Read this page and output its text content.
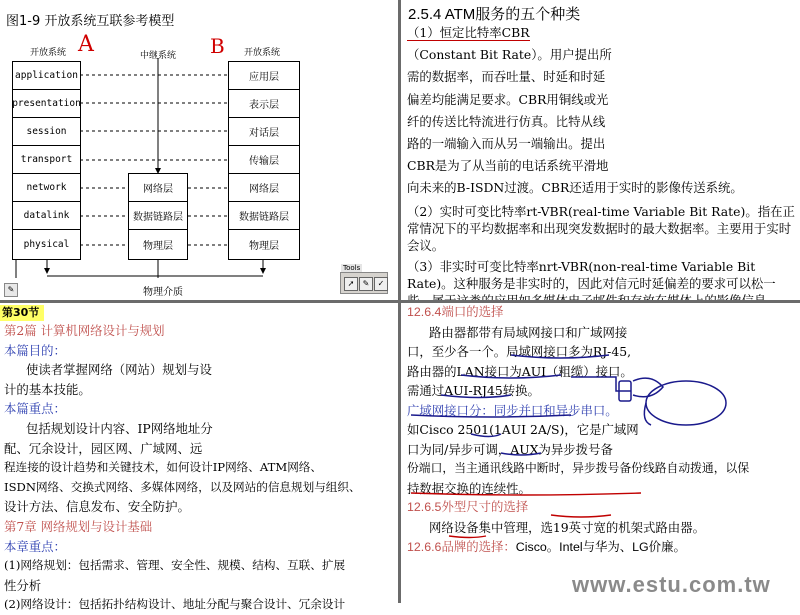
图1-9 开放系统互联参考模型
开放系统	中继系统	开放系统
A	B
application
presentation
session
transport
network
datalink
physical
网络层
数据链路层
物理层
应用层
表示层
对话层
传输层
网络层
数据链路层
物理层
物理介质
✎
Tools
➚	✎	✓
2.5.4 ATM服务的五个种类

（1）恒定比特率CBR

（Constant Bit Rate）。用户提出所

需的数据率，而吞吐量、时延和时延

偏差均能满足要求。CBR用铜线或光

纤的传送比特流进行仿真。比特从线

路的一端输入而从另一端输出。提出

CBR是为了从当前的电话系统平滑地

向未来的B-ISDN过渡。CBR还适用于实时的影像传送系统。

（2）实时可变比特率rt-VBR(real-time Variable Bit Rate)。指在正常情况下的平均数据率和出现突发数据时的最大数据率。主要用于实时会议。

（3）非实时可变比特率nrt-VBR(non-real-time Variable Bit Rate)。这种服务是非实时的，因此对信元时延偏差的要求可以松一

第30节

第2篇 计算机网络设计与规划

本篇目的：

使读者掌握网络（网站）规划与设

计的基本技能。

本篇重点：

包括规划设计内容、IP网络地址分

配、冗余设计，园区网、广域网、远

程连接的设计趋势和关键技术，如何设计IP网络、ATM网络、

ISDN网络、交换式网络、多媒体网络，以及网站的信息规划与组织、

设计方法、信息发布、安全防护。

第7章 网络规划与设计基础

本章重点：

(1)网络规划：包括需求、管理、安全性、规模、结构、互联、扩展

性分析

(2)网络设计：包括拓扑结构设计、地址分配与聚合设计、冗余设计

12.6.4端口的选择

路由器都带有局域网接口和广域网接

口，至少各一个。局域网接口多为RJ-45,

路由器的LAN接口为AUI（粗缆）接口。

需通过AUI-RJ45转换。

广域网接口分：同步并口和异步串口。

如Cisco 2501(1AUI 2A/S)，它是广域网

口为同/异步可调，AUX为异步拨号备

份端口，当主通讯线路中断时，异步拨号备份线路自动拨通，以保

持数据交换的连续性。

12.6.5外型尺寸的选择

网络设备集中管理，选19英寸宽的机架式路由器。

12.6.6品牌的选择：Cisco。Intel与华为、LG价廉。

www.estu.com.tw
